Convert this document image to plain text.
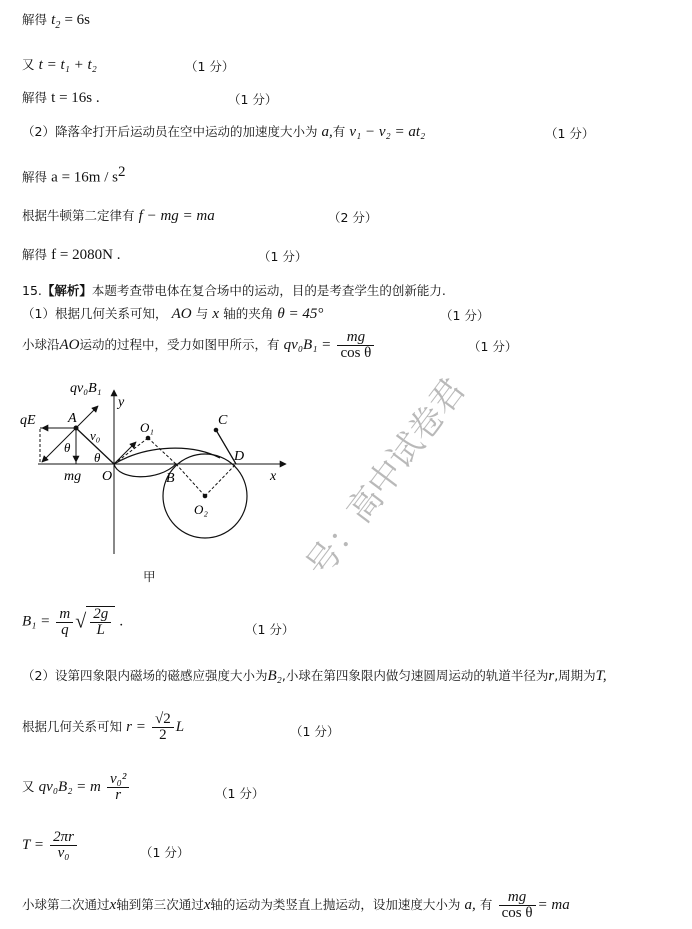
解得 $t_2 = 6s$
又 t = t₁ + t₂	（1 分）
解得 t = 16s .	（1 分）
（2）降落伞打开后运动员在空中运动的加速度大小为 a,有 v₁ − v₂ = at₂	（1 分）
解得 $a = 16m / s^2$
根据牛顿第二定律有 f − mg = ma	（2 分）
解得 f = 2080N .	（1 分）
15.【解析】本题考查带电体在复合场中的运动，目的是考查学生的创新能力.
（1）根据几何关系可知， AO 与 x 轴的夹角 θ = 45°	（1 分）
小球沿AO运动的过程中，受力如图甲所示，有 $qv_0B_1 = \frac{mg}{\text{cos θ}}$	（1 分）
qv₀B₁
y
qE A
v₀
θ
θ
mg O
O₁
B
C
D
x
O₂
甲	号：高中试卷君
$B_1 = \frac{m}{q}$ √ $\frac{2g}{L}$ .	（1 分）
（2）设第四象限内磁场的磁感应强度大小为B₂,小球在第四象限内做匀速圆周运动的轨道半径为r,周期为T,
根据几何关系可知 $r = \frac{√2}{2}$ L	（1 分）
又 qv₀B₂ = m $\frac{\text{v₀²}}{r}$	（1 分）
$T = \frac{2\pi r}{\text{v₀}}$	（1 分）
小球第二次通过x轴到第三次通过x轴的运动为类竖直上抛运动，设加速度大小为 a, 有 $\frac{mg}{\text{cos θ}}$ = ma
